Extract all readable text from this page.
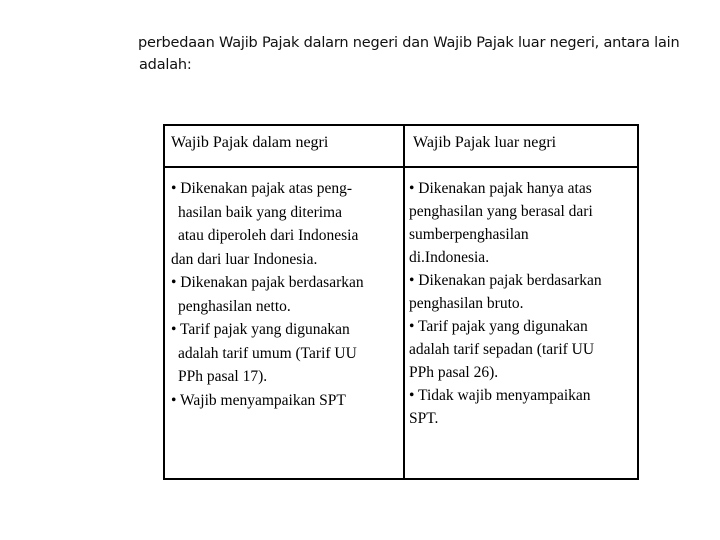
perbedaan Wajib Pajak dalarn negeri dan Wajib Pajak luar negeri, antara lain
adalah:
Wajib Pajak dalam negri	Wajib Pajak luar negri
• Dikenakan pajak atas peng-
hasilan baik yang diterima
atau diperoleh dari Indonesia
dan dari luar Indonesia.
• Dikenakan pajak berdasarkan
penghasilan netto.
• Tarif pajak yang digunakan
adalah tarif umum (Tarif UU
PPh pasal 17).
• Wajib menyampaikan SPT
• Dikenakan pajak hanya atas
penghasilan yang berasal dari
sumberpenghasilan
di.Indonesia.
• Dikenakan pajak berdasarkan
penghasilan bruto.
• Tarif pajak yang digunakan
adalah tarif sepadan (tarif UU
PPh pasal 26).
• Tidak wajib menyampaikan
SPT.
